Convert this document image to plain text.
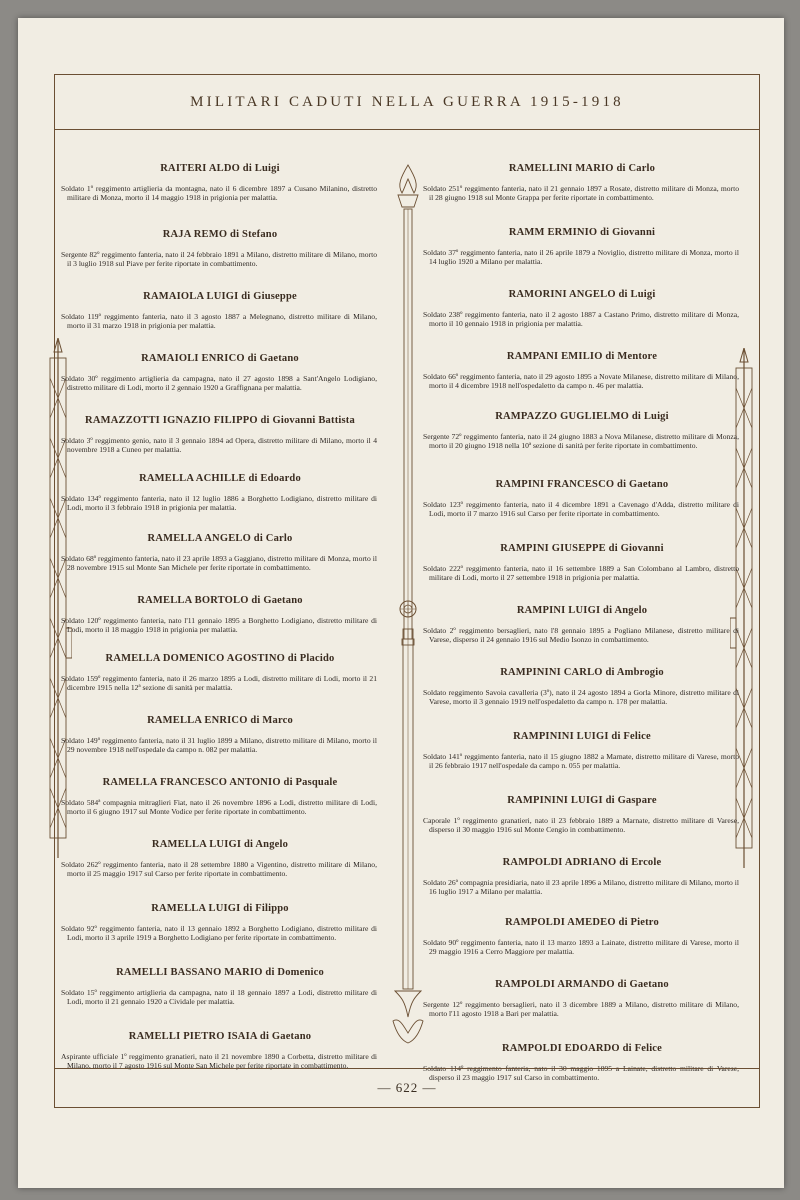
MILITARI CADUTI NELLA GUERRA 1915-1918
RAITERI ALDO di Luigi
Soldato 1º reggimento artiglieria da montagna, nato il 6 dicembre 1897 a Cusano Milanino, distretto militare di Monza, morto il 14 maggio 1918 in prigionia per malattia.
RAJA REMO di Stefano
Sergente 82º reggimento fanteria, nato il 24 febbraio 1891 a Milano, distretto militare di Milano, morto il 3 luglio 1918 sul Piave per ferite riportate in combattimento.
RAMAIOLA LUIGI di Giuseppe
Soldato 119º reggimento fanteria, nato il 3 agosto 1887 a Melegnano, distretto militare di Milano, morto il 31 marzo 1918 in prigionia per malattia.
RAMAIOLI ENRICO di Gaetano
Soldato 30º reggimento artiglieria da campagna, nato il 27 agosto 1898 a Sant'Angelo Lodigiano, distretto militare di Lodi, morto il 2 gennaio 1920 a Graffignana per malattia.
RAMAZZOTTI IGNAZIO FILIPPO di Giovanni Battista
Soldato 3º reggimento genio, nato il 3 gennaio 1894 ad Opera, distretto militare di Milano, morto il 4 novembre 1918 a Cuneo per malattia.
RAMELLA ACHILLE di Edoardo
Soldato 134º reggimento fanteria, nato il 12 luglio 1886 a Borghetto Lodigiano, distretto militare di Lodi, morto il 3 febbraio 1918 in prigionia per malattia.
RAMELLA ANGELO di Carlo
Soldato 68º reggimento fanteria, nato il 23 aprile 1893 a Gaggiano, distretto militare di Monza, morto il 28 novembre 1915 sul Monte San Michele per ferite riportate in combattimento.
RAMELLA BORTOLO di Gaetano
Soldato 120º reggimento fanteria, nato l'11 gennaio 1895 a Borghetto Lodigiano, distretto militare di Lodi, morto il 18 maggio 1918 in prigionia per malattia.
RAMELLA DOMENICO AGOSTINO di Placido
Soldato 159º reggimento fanteria, nato il 26 marzo 1895 a Lodi, distretto militare di Lodi, morto il 21 dicembre 1915 nella 12ª sezione di sanità per malattia.
RAMELLA ENRICO di Marco
Soldato 149º reggimento fanteria, nato il 31 luglio 1899 a Milano, distretto militare di Milano, morto il 29 novembre 1918 nell'ospedale da campo n. 082 per malattia.
RAMELLA FRANCESCO ANTONIO di Pasquale
Soldato 584ª compagnia mitraglieri Fiat, nato il 26 novembre 1896 a Lodi, distretto militare di Lodi, morto il 6 giugno 1917 sul Monte Vodice per ferite riportate in combattimento.
RAMELLA LUIGI di Angelo
Soldato 262º reggimento fanteria, nato il 28 settembre 1880 a Vigentino, distretto militare di Milano, morto il 25 maggio 1917 sul Carso per ferite riportate in combattimento.
RAMELLA LUIGI di Filippo
Soldato 92º reggimento fanteria, nato il 13 gennaio 1892 a Borghetto Lodigiano, distretto militare di Lodi, morto il 3 aprile 1919 a Borghetto Lodigiano per ferite riportate in combattimento.
RAMELLI BASSANO MARIO di Domenico
Soldato 15º reggimento artiglieria da campagna, nato il 18 gennaio 1897 a Lodi, distretto militare di Lodi, morto il 21 gennaio 1920 a Cividale per malattia.
RAMELLI PIETRO ISAIA di Gaetano
Aspirante ufficiale 1º reggimento granatieri, nato il 21 novembre 1890 a Corbetta, distretto militare di Milano, morto il 7 agosto 1916 sul Monte San Michele per ferite riportate in combattimento.
RAMELLINI MARIO di Carlo
Soldato 251º reggimento fanteria, nato il 21 gennaio 1897 a Rosate, distretto militare di Monza, morto il 28 giugno 1918 sul Monte Grappa per ferite riportate in combattimento.
RAMM ERMINIO di Giovanni
Soldato 37º reggimento fanteria, nato il 26 aprile 1879 a Noviglio, distretto militare di Monza, morto il 14 luglio 1920 a Milano per malattia.
RAMORINI ANGELO di Luigi
Soldato 238º reggimento fanteria, nato il 2 agosto 1887 a Castano Primo, distretto militare di Monza, morto il 10 gennaio 1918 in prigionia per malattia.
RAMPANI EMILIO di Mentore
Soldato 66º reggimento fanteria, nato il 29 agosto 1895 a Novate Milanese, distretto militare di Milano, morto il 4 dicembre 1918 nell'ospedaletto da campo n. 46 per malattia.
RAMPAZZO GUGLIELMO di Luigi
Sergente 72º reggimento fanteria, nato il 24 giugno 1883 a Nova Milanese, distretto militare di Monza, morto il 20 giugno 1918 nella 10ª sezione di sanità per ferite riportate in combattimento.
RAMPINI FRANCESCO di Gaetano
Soldato 123º reggimento fanteria, nato il 4 dicembre 1891 a Cavenago d'Adda, distretto militare di Lodi, morto il 7 marzo 1916 sul Carso per ferite riportate in combattimento.
RAMPINI GIUSEPPE di Giovanni
Soldato 222º reggimento fanteria, nato il 16 settembre 1889 a San Colombano al Lambro, distretto militare di Lodi, morto il 27 settembre 1918 in prigionia per malattia.
RAMPINI LUIGI di Angelo
Soldato 2º reggimento bersaglieri, nato l'8 gennaio 1895 a Pogliano Milanese, distretto militare di Varese, disperso il 24 gennaio 1916 sul Medio Isonzo in combattimento.
RAMPININI CARLO di Ambrogio
Soldato reggimento Savoia cavalleria (3º), nato il 24 agosto 1894 a Gorla Minore, distretto militare di Varese, morto il 3 gennaio 1919 nell'ospedaletto da campo n. 178 per malattia.
RAMPININI LUIGI di Felice
Soldato 141º reggimento fanteria, nato il 15 giugno 1882 a Marnate, distretto militare di Varese, morto il 26 febbraio 1917 nell'ospedale da campo n. 055 per malattia.
RAMPININI LUIGI di Gaspare
Caporale 1º reggimento granatieri, nato il 23 febbraio 1889 a Marnate, distretto militare di Varese, disperso il 30 maggio 1916 sul Monte Cengio in combattimento.
RAMPOLDI ADRIANO di Ercole
Soldato 26ª compagnia presidiaria, nato il 23 aprile 1896 a Milano, distretto militare di Milano, morto il 16 luglio 1917 a Milano per malattia.
RAMPOLDI AMEDEO di Pietro
Soldato 90º reggimento fanteria, nato il 13 marzo 1893 a Lainate, distretto militare di Varese, morto il 29 maggio 1916 a Cerro Maggiore per malattia.
RAMPOLDI ARMANDO di Gaetano
Sergente 12º reggimento bersaglieri, nato il 3 dicembre 1889 a Milano, distretto militare di Milano, morto l'11 agosto 1918 a Bari per malattia.
RAMPOLDI EDOARDO di Felice
Soldato 114º reggimento fanteria, nato il 30 maggio 1895 a Lainate, distretto militare di Varese, disperso il 23 maggio 1917 sul Carso in combattimento.
— 622 —
